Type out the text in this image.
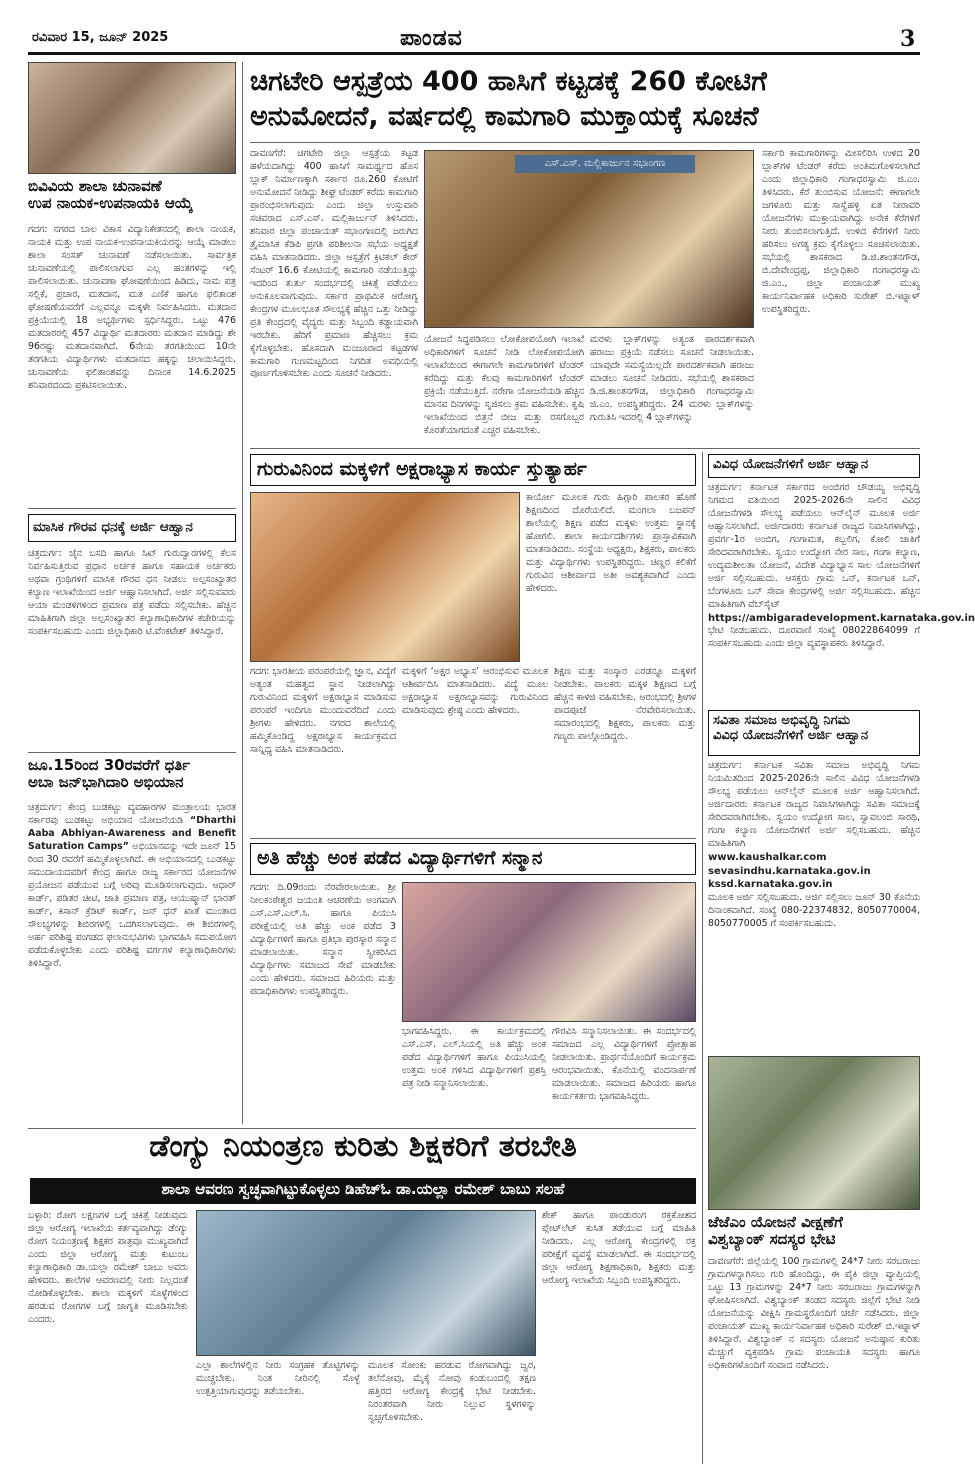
ರವಿವಾರ 15, ಜೂನ್ 2025	ಪಾಂಡವ	3
ಬಿವಿವಿಯ ಶಾಲಾ ಚುನಾವಣೆ
ಉಪ ನಾಯಕ-ಉಪನಾಯಕಿ ಆಯ್ಕೆ
ಗದಗ: ನಗರದ ಬಾಲ ವಿಕಾಸ ವಿದ್ಯಾನಿಕೇತನದಲ್ಲಿ ಶಾಲಾ ನಾಯಕ, ನಾಯಕಿ ಮತ್ತು ಉಪ ನಾಯಕ-ಉಪನಾಯಕಿಯರನ್ನು ಆಯ್ಕೆ ಮಾಡಲು ಶಾಲಾ ಸಂಸತ್ ಚುನಾವಣೆ ನಡೆಸಲಾಯಿತು. ಸಾರ್ವತ್ರಿಕ ಚುನಾವಣೆಯಲ್ಲಿ ಪಾಲಿಸಲಾಗುವ ಎಲ್ಲ ಹಂತಗಳನ್ನು ಇಲ್ಲಿ ಪಾಲಿಸಲಾಯಿತು. ಚುನಾವಣಾ ಘೋಷಣೆಯಿಂದ ಹಿಡಿದು, ನಾಮ ಪತ್ರ ಸಲ್ಲಿಕೆ, ಪ್ರಚಾರ, ಮತದಾನ, ಮತ ಎಣಿಕೆ ಹಾಗೂ ಫಲಿತಾಂಶ ಘೋಷಣೆಯವರೆಗೆ ಎಲ್ಲವನ್ನೂ ಮಕ್ಕಳೇ ನಿರ್ವಹಿಸಿದರು. ಮತದಾನ ಪ್ರಕ್ರಿಯೆಯಲ್ಲಿ 18 ಅಭ್ಯರ್ಥಿಗಳು ಸ್ಪರ್ಧಿಸಿದ್ದರು. ಒಟ್ಟು 476 ಮತದಾರರಲ್ಲಿ 457 ವಿದ್ಯಾರ್ಥಿ ಮತದಾರರು ಮತದಾನ ಮಾಡಿದ್ದು ಶೇ 96ರಷ್ಟು ಮತದಾನವಾಗಿದೆ. 6ನೇಯ ತರಗತಿಯಿಂದ 10ನೇ ತರಗತಿಯ ವಿದ್ಯಾರ್ಥಿಗಳು ಮತದಾನದ ಹಕ್ಕನ್ನು ಚಲಾಯಿಸಿದ್ದರು. ಚುನಾವಣೆಯ ಫಲಿತಾಂಶವನ್ನು ದಿನಾಂಕ 14.6.2025 ಶನಿವಾರದಂದು ಪ್ರಕಟಿಸಲಾಯಿತು.
ಮಾಸಿಕ ಗೌರವ ಧನಕ್ಕೆ ಅರ್ಜಿ ಆಹ್ವಾನ
ಚಿತ್ರದುರ್ಗ: ಜೈನ ಬಸದಿ ಹಾಗೂ ಸಿಖ್ ಗುರುದ್ವಾರಗಳಲ್ಲಿ ಕೆಲಸ ನಿರ್ವಹಿಸುತ್ತಿರುವ ಪ್ರಧಾನ ಅರ್ಚಕ ಹಾಗೂ ಸಹಾಯಕ ಅರ್ಚಕರು ಅಥವಾ ಗ್ರಂಥಿಗಳಿಗೆ ಮಾಸಿಕ ಗೌರವ ಧನ ನೀಡಲು ಅಲ್ಪಸಂಖ್ಯಾತರ ಕಲ್ಯಾಣ ಇಲಾಖೆಯಿಂದ ಅರ್ಜಿ ಆಹ್ವಾನಿಸಲಾಗಿದೆ. ಅರ್ಜಿ ಸಲ್ಲಿಸುವವರು ಆಯಾ ಮಂಡಳಿಗಳಿಂದ ಪ್ರಮಾಣ ಪತ್ರ ಪಡೆದು ಸಲ್ಲಿಸಬೇಕು. ಹೆಚ್ಚಿನ ಮಾಹಿತಿಗಾಗಿ ಜಿಲ್ಲಾ ಅಲ್ಪಸಂಖ್ಯಾತರ ಕಲ್ಯಾಣಾಧಿಕಾರಿಗಳ ಕಚೇರಿಯನ್ನು ಸಂಪರ್ಕಿಸಬಹುದು ಎಂದು ಜಿಲ್ಲಾಧಿಕಾರಿ ಟಿ.ವೆಂಕಟೇಶ್ ತಿಳಿಸಿದ್ದಾರೆ.
ಜೂ.15ರಿಂದ 30ರವರೆಗೆ ಧರ್ತಿ
ಅಬಾ ಜನ್‌ಭಾಗಿದಾರಿ ಅಭಿಯಾನ
ಚಿತ್ರದುರ್ಗ: ಕೇಂದ್ರ ಬುಡಕಟ್ಟು ವ್ಯವಹಾರಗಳ ಮಂತ್ರಾಲಯ ಭಾರತ ಸರ್ಕಾರವು ಬುಡಕಟ್ಟು ಅಭಿಯಾನ ಯೋಜನೆಯಡಿ “Dharthi Aaba Abhiyan-Awareness and Benefit Saturation Camps” ಅಭಿಯಾನವನ್ನು ಇದೇ ಜೂನ್ 15 ರಿಂದ 30 ರವರೆಗೆ ಹಮ್ಮಿಕೊಳ್ಳಲಾಗಿದೆ. ಈ ಅಭಿಯಾನದಲ್ಲಿ ಬುಡಕಟ್ಟು ಸಮುದಾಯದವರಿಗೆ ಕೇಂದ್ರ ಹಾಗೂ ರಾಜ್ಯ ಸರ್ಕಾರದ ಯೋಜನೆಗಳ ಪ್ರಯೋಜನ ಪಡೆಯುವ ಬಗ್ಗೆ ಅರಿವು ಮೂಡಿಸಲಾಗುವುದು. ಆಧಾರ್ ಕಾರ್ಡ್, ಪಡಿತರ ಚೀಟಿ, ಜಾತಿ ಪ್ರಮಾಣ ಪತ್ರ, ಆಯುಷ್ಮಾನ್ ಭಾರತ್ ಕಾರ್ಡ್, ಕಿಸಾನ್ ಕ್ರೆಡಿಟ್ ಕಾರ್ಡ್, ಜನ್ ಧನ್ ಖಾತೆ ಮುಂತಾದ ಸೌಲಭ್ಯಗಳನ್ನು ಶಿಬಿರಗಳಲ್ಲಿ ಒದಗಿಸಲಾಗುವುದು. ಈ ಶಿಬಿರಗಳಲ್ಲಿ ಅರ್ಹ ಪರಿಶಿಷ್ಟ ಪಂಗಡದ ಫಲಾನುಭವಿಗಳು ಭಾಗವಹಿಸಿ ಸದುಪಯೋಗ ಪಡೆದುಕೊಳ್ಳಬೇಕು ಎಂದು ಪರಿಶಿಷ್ಟ ವರ್ಗಗಳ ಕಲ್ಯಾಣಾಧಿಕಾರಿಗಳು ತಿಳಿಸಿದ್ದಾರೆ.
ಚಿಗಟೇರಿ ಆಸ್ಪತ್ರೆಯ 400 ಹಾಸಿಗೆ ಕಟ್ಟಡಕ್ಕೆ 260 ಕೋಟಿಗೆ
ಅನುಮೋದನೆ, ವರ್ಷದಲ್ಲಿ ಕಾಮಗಾರಿ ಮುಕ್ತಾಯಕ್ಕೆ ಸೂಚನೆ
ದಾವಣಗೆರೆ: ಚಿಗಟೇರಿ ಜಿಲ್ಲಾ ಆಸ್ಪತ್ರೆಯ ಕಟ್ಟಡ ಹಳೆಯದಾಗಿದ್ದು 400 ಹಾಸಿಗೆ ಸಾಮರ್ಥ್ಯದ ಹೊಸ ಬ್ಲಾಕ್ ನಿರ್ಮಾಣಕ್ಕಾಗಿ ಸರ್ಕಾರ ರೂ.260 ಕೋಟಿಗೆ ಅನುಮೋದನೆ ನೀಡಿದ್ದು ಶೀಘ್ರ ಟೆಂಡರ್ ಕರೆದು ಕಾಮಗಾರಿ ಪ್ರಾರಂಭಿಸಲಾಗುವುದು ಎಂದು ಜಿಲ್ಲಾ ಉಸ್ತುವಾರಿ ಸಚಿವರಾದ ಎಸ್.ಎಸ್. ಮಲ್ಲಿಕಾರ್ಜುನ್ ತಿಳಿಸಿದರು. ಶನಿವಾರ ಜಿಲ್ಲಾ ಪಂಚಾಯತ್ ಸಭಾಂಗಣದಲ್ಲಿ ಜರುಗಿದ ತ್ರೈಮಾಸಿಕ ಕೆಡಿಪಿ ಪ್ರಗತಿ ಪರಿಶೀಲನಾ ಸಭೆಯ ಅಧ್ಯಕ್ಷತೆ ವಹಿಸಿ ಮಾತನಾಡಿದರು. ಜಿಲ್ಲಾ ಆಸ್ಪತ್ರೆಗೆ ಕ್ರಿಟಿಕಲ್ ಕೇರ್ ಸೆಂಟರ್ 16.6 ಕೋಟಿಯಲ್ಲಿ ಕಾಮಗಾರಿ ನಡೆಯುತ್ತಿದ್ದು ಇದರಿಂದ ತುರ್ತು ಸಂದರ್ಭದಲ್ಲಿ ಚಿಕಿತ್ಸೆ ಪಡೆಯಲು ಅನುಕೂಲವಾಗುವುದು. ಸರ್ಕಾರ ಪ್ರಾಥಮಿಕ ಆರೋಗ್ಯ ಕೇಂದ್ರಗಳ ಮೂಲಭೂತ ಸೌಲಭ್ಯಕ್ಕೆ ಹೆಚ್ಚಿನ ಒತ್ತು ನೀಡಿದ್ದು ಪ್ರತಿ ಕೇಂದ್ರದಲ್ಲಿ ವೈದ್ಯರು ಮತ್ತು ಸಿಬ್ಬಂದಿ ಕಡ್ಡಾಯವಾಗಿ ಇರಬೇಕು. ಹೆರಿಗೆ ಪ್ರಮಾಣ ಹೆಚ್ಚಿಸಲು ಕ್ರಮ ಕೈಗೊಳ್ಳಬೇಕು. ಹೊಸದಾಗಿ ಮಂಜೂರಾದ ಕಟ್ಟಡಗಳ ಕಾಮಗಾರಿ ಗುಣಮಟ್ಟದಿಂದ ನಿಗದಿತ ಅವಧಿಯಲ್ಲಿ ಪೂರ್ಣಗೊಳಿಸಬೇಕು ಎಂದು ಸೂಚನೆ ನೀಡಿದರು.
ಎಸ್.ಎಸ್. ಮಲ್ಲಿಕಾರ್ಜುನ ಸಭಾಂಗಣ
ಯೋಜನೆ ಸಿದ್ಧಪಡಿಸಲು ಲೋಕೋಪಯೋಗಿ ಇಲಾಖೆ ಅಧಿಕಾರಿಗಳಿಗೆ ಸೂಚನೆ ನೀಡಿ ಲೋಕೋಪಯೋಗಿ ಇಲಾಖೆಯಿಂದ ಈಗಾಗಲೇ ಕಾಮಗಾರಿಗಳಿಗೆ ಟೆಂಡರ್ ಕರೆದಿದ್ದು ಮತ್ತು ಕೆಲವು ಕಾಮಗಾರಿಗಳಿಗೆ ಟೆಂಡರ್ ಪ್ರಕ್ರಿಯೆ ನಡೆಯುತ್ತಿದೆ. ನರೇಗಾ ಯೋಜನೆಯಡಿ ಹೆಚ್ಚಿನ ಮಾನವ ದಿನಗಳನ್ನು ಸೃಜಿಸಲು ಕ್ರಮ ವಹಿಸಬೇಕು. ಕೃಷಿ ಇಲಾಖೆಯಿಂದ ಬಿತ್ತನೆ ಬೀಜ ಮತ್ತು ರಸಗೊಬ್ಬರ ಕೊರತೆಯಾಗದಂತೆ ಎಚ್ಚರ ವಹಿಸಬೇಕು.
ಮರಳು ಬ್ಲಾಕ್‌ಗಳನ್ನು ಅತ್ಯಂತ ಪಾರದರ್ಶಕವಾಗಿ ಹರಾಜು ಪ್ರಕ್ರಿಯೆ ನಡೆಸಲು ಸೂಚನೆ ನೀಡಲಾಯಿತು. ಯಾವುದೇ ಸಮಸ್ಯೆಯಿಲ್ಲದೇ ಪಾರದರ್ಶಕವಾಗಿ ಹರಾಜು ಮಾಡಲು ಸೂಚನೆ ನೀಡಿದರು. ಸಭೆಯಲ್ಲಿ ಶಾಸಕರಾದ ಡಿ.ಜಿ.ಶಾಂತನಗೌಡ, ಜಿಲ್ಲಾಧಿಕಾರಿ ಗಂಗಾಧರಸ್ವಾಮಿ ಜಿ.ಎಂ. ಉಪಸ್ಥಿತರಿದ್ದರು. 24 ಮರಳು ಬ್ಲಾಕ್‌ಗಳನ್ನು ಗುರುತಿಸಿ ಇದರಲ್ಲಿ 4 ಬ್ಲಾಕ್‌ಗಳನ್ನು
ಸರ್ಕಾರಿ ಕಾಮಗಾರಿಗಳನ್ನು ಮೀಸಲಿರಿಸಿ ಉಳಿದ 20 ಬ್ಲಾಕ್‌ಗಳ ಟೆಂಡರ್ ಕರೆದು ಅಂತಿಮಗೊಳಿಸಲಾಗಿದೆ ಎಂದು ಜಿಲ್ಲಾಧಿಕಾರಿ ಗಂಗಾಧರಸ್ವಾಮಿ ಜಿ.ಎಂ. ತಿಳಿಸಿದರು. ಕೆರೆ ತುಂಬಿಸುವ ಯೋಜನೆ: ಈಗಾಗಲೇ ಜಗಳೂರು ಮತ್ತು ಸಾಸ್ವೆಹಳ್ಳಿ ಏತ ನೀರಾವರಿ ಯೋಜನೆಗಳು ಮುಕ್ತಾಯವಾಗಿದ್ದು ಅನೇಕ ಕೆರೆಗಳಿಗೆ ನೀರು ತುಂಬಿಸಲಾಗುತ್ತಿದೆ. ಉಳಿದ ಕೆರೆಗಳಿಗೆ ನೀರು ಹರಿಸಲು ಅಗತ್ಯ ಕ್ರಮ ಕೈಗೊಳ್ಳಲು ಸೂಚಿಸಲಾಯಿತು. ಸಭೆಯಲ್ಲಿ ಶಾಸಕರಾದ ಡಿ.ಜಿ.ಶಾಂತನಗೌಡ, ಬಿ.ದೇವೇಂದ್ರಪ್ಪ, ಜಿಲ್ಲಾಧಿಕಾರಿ ಗಂಗಾಧರಸ್ವಾಮಿ ಜಿ.ಎಂ., ಜಿಲ್ಲಾ ಪಂಚಾಯತ್ ಮುಖ್ಯ ಕಾರ್ಯನಿರ್ವಾಹಕ ಅಧಿಕಾರಿ ಸುರೇಶ್ ಬಿ.ಇಟ್ನಾಳ್ ಉಪಸ್ಥಿತರಿದ್ದರು.
ಗುರುವಿನಿಂದ ಮಕ್ಕಳಿಗೆ ಅಕ್ಷರಾಭ್ಯಾಸ ಕಾರ್ಯ ಸ್ತುತ್ಯಾರ್ಹ
ಕಾರ್ಯೋ ಮೂಲಕ ಗುರು ಹಿಗ್ಗಾರಿ ಪಾಲಕರ ಹೊಣೆ ಶಿಕ್ಷಣದಿಂದ ದೊರೆಯಲಿದೆ. ಮಂಗಲಾ ಬಜಪನ್ ಶಾಲೆಯಲ್ಲಿ ಶಿಕ್ಷಣ ಪಡೆದ ಮಕ್ಕಳು ಉತ್ತಮ ಸ್ಥಾನಕ್ಕೆ ಹೋಗಲಿ. ಶಾಲಾ ಕಾರ್ಯದರ್ಶಿಗಳು ಪ್ರಾಸ್ತಾವಿಕವಾಗಿ ಮಾತನಾಡಿದರು. ಸಂಸ್ಥೆಯ ಅಧ್ಯಕ್ಷರು, ಶಿಕ್ಷಕರು, ಪಾಲಕರು ಮತ್ತು ವಿದ್ಯಾರ್ಥಿಗಳು ಉಪಸ್ಥಿತರಿದ್ದರು. ಚಿಣ್ಣರ ಕಲಿಕೆಗೆ ಗುರುವಿನ ಆಶೀರ್ವಾದ ಅತೀ ಅವಶ್ಯಕವಾಗಿದೆ ಎಂದು ಹೇಳಿದರು.
ಗದಗ: ಭಾರತೀಯ ಪರಂಪರೆಯಲ್ಲಿ ಜ್ಞಾನ, ವಿದ್ಯೆಗೆ ಅತ್ಯಂತ ಮಹತ್ವದ ಸ್ಥಾನ ನೀಡಲಾಗಿದ್ದು ಗುರುವಿನಿಂದ ಮಕ್ಕಳಿಗೆ ಅಕ್ಷರಾಭ್ಯಾಸ ಮಾಡಿಸುವ ಪರಂಪರೆ ಇಂದಿಗೂ ಮುಂದುವರೆದಿದೆ ಎಂದು ಶ್ರೀಗಳು ಹೇಳಿದರು. ನಗರದ ಶಾಲೆಯಲ್ಲಿ ಹಮ್ಮಿಕೊಂಡಿದ್ದ ಅಕ್ಷರಾಭ್ಯಾಸ ಕಾರ್ಯಕ್ರಮದ ಸಾನ್ನಿಧ್ಯ ವಹಿಸಿ ಮಾತನಾಡಿದರು.
ಮಕ್ಕಳಿಗೆ ‘ಅಕ್ಷರ ಅಭ್ಯಾಸ’ ಆರಂಭಿಸುವ ಮೂಲಕ ಆಶೀರ್ವದಿಸಿ ಮಾತನಾಡಿದರು. ವಿದ್ಯೆ ಮೂಲ ಅಕ್ಷರಾಭ್ಯಾಸ ಅಕ್ಷರಾಭ್ಯಾಸವನ್ನು ಗುರುವಿನಿಂದ ಮಾಡಿಸುವುದು ಶ್ರೇಷ್ಠ ಎಂದು ಹೇಳಿದರು.
ಶಿಕ್ಷಣ ಮತ್ತು ಸಂಸ್ಕಾರ ಎರಡನ್ನೂ ಮಕ್ಕಳಿಗೆ ನೀಡಬೇಕು. ಪಾಲಕರು ಮಕ್ಕಳ ಶಿಕ್ಷಣದ ಬಗ್ಗೆ ಹೆಚ್ಚಿನ ಕಾಳಜಿ ವಹಿಸಬೇಕು. ಆರಂಭದಲ್ಲಿ ಶ್ರೀಗಳ ಪಾದಪೂಜೆ ನೆರವೇರಿಸಲಾಯಿತು. ಸಮಾರಂಭದಲ್ಲಿ ಶಿಕ್ಷಕರು, ಪಾಲಕರು ಮತ್ತು ಗಣ್ಯರು ಪಾಲ್ಗೊಂಡಿದ್ದರು.
ಅತಿ ಹೆಚ್ಚು ಅಂಕ ಪಡೆದ ವಿದ್ಯಾರ್ಥಿಗಳಿಗೆ ಸನ್ಮಾನ
ಗದಗ: ದಿ.09ರಂದು ನೆರವೇರಲಾಯಿತು. ಶ್ರೀ ನೀಲಕಂಠೇಶ್ವರ ಜಯಂತಿ ಆಚರಣೆಯ ಅಂಗವಾಗಿ ಎಸ್.ಎಸ್.ಎಲ್.ಸಿ. ಹಾಗೂ ಪಿಯುಸಿ ಪರೀಕ್ಷೆಯಲ್ಲಿ ಅತಿ ಹೆಚ್ಚು ಅಂಕ ಪಡೆದ 3 ವಿದ್ಯಾರ್ಥಿಗಳಿಗೆ ಹಾಗೂ ಪ್ರತಿಭಾ ಪುರಸ್ಕಾರ ಸನ್ಮಾನ ಮಾಡಲಾಯಿತು. ಸನ್ಮಾನ ಸ್ವೀಕರಿಸಿದ ವಿದ್ಯಾರ್ಥಿಗಳು ಸಮಾಜದ ಸೇವೆ ಮಾಡಬೇಕು ಎಂದು ಹೇಳಿದರು. ಸಮಾಜದ ಹಿರಿಯರು ಮತ್ತು ಪದಾಧಿಕಾರಿಗಳು ಉಪಸ್ಥಿತರಿದ್ದರು.
ಭಾಗವಹಿಸಿದ್ದರು. ಈ ಕಾರ್ಯಕ್ರಮದಲ್ಲಿ ಎಸ್.ಎಸ್. ಎಲ್.ಸಿಯಲ್ಲಿ ಅತಿ ಹೆಚ್ಚು ಅಂಕ ಪಡೆದ ವಿದ್ಯಾರ್ಥಿಗಳಿಗೆ ಹಾಗೂ ಪಿಯುಸಿಯಲ್ಲಿ ಉತ್ತಮ ಅಂಕ ಗಳಿಸಿದ ವಿದ್ಯಾರ್ಥಿಗಳಿಗೆ ಪ್ರಶಸ್ತಿ ಪತ್ರ ನೀಡಿ ಸನ್ಮಾನಿಸಲಾಯಿತು.
ಗೌರವಿಸಿ ಸನ್ಮಾನಿಸಲಾಯಿತು. ಈ ಸಂದರ್ಭದಲ್ಲಿ ಸಮಾಜದ ಎಲ್ಲ ವಿದ್ಯಾರ್ಥಿಗಳಿಗೆ ಪ್ರೋತ್ಸಾಹ ನೀಡಲಾಯಿತು. ಪ್ರಾರ್ಥನೆಯೊಂದಿಗೆ ಕಾರ್ಯಕ್ರಮ ಆರಂಭವಾಯಿತು. ಕೊನೆಯಲ್ಲಿ ವಂದನಾರ್ಪಣೆ ಮಾಡಲಾಯಿತು. ಸಮಾಜದ ಹಿರಿಯರು ಹಾಗೂ ಕಾರ್ಯಕರ್ತರು ಭಾಗವಹಿಸಿದ್ದರು.
ವಿವಿಧ ಯೋಜನೆಗಳಿಗೆ ಅರ್ಜಿ ಆಹ್ವಾನ
ಚಿತ್ರದುರ್ಗ: ಕರ್ನಾಟಕ ಸರ್ಕಾರದ ಅಂಬಿಗರ ಚೌಡಯ್ಯ ಅಭಿವೃದ್ಧಿ ನಿಗಮದ ವತಿಯಿಂದ 2025-2026ನೇ ಸಾಲಿನ ವಿವಿಧ ಯೋಜನೆಗಳಡಿ ಸೌಲಭ್ಯ ಪಡೆಯಲು ಆನ್‌ಲೈನ್ ಮೂಲಕ ಅರ್ಜಿ ಆಹ್ವಾನಿಸಲಾಗಿದೆ. ಅರ್ಜಿದಾರರು ಕರ್ನಾಟಕ ರಾಜ್ಯದ ನಿವಾಸಿಗಳಾಗಿದ್ದು, ಪ್ರವರ್ಗ-1ರ ಅಂಬಿಗ, ಗಂಗಾಮತ, ಕಬ್ಬಲಿಗ, ಕೋಲಿ ಜಾತಿಗೆ ಸೇರಿದವರಾಗಿರಬೇಕು. ಸ್ವಯಂ ಉದ್ಯೋಗ ನೇರ ಸಾಲ, ಗಂಗಾ ಕಲ್ಯಾಣ, ಉದ್ಯಮಶೀಲತಾ ಯೋಜನೆ, ವಿದೇಶ ವಿದ್ಯಾಭ್ಯಾಸ ಸಾಲ ಯೋಜನೆಗಳಿಗೆ ಅರ್ಜಿ ಸಲ್ಲಿಸಬಹುದು. ಆಸಕ್ತರು ಗ್ರಾಮ ಒನ್, ಕರ್ನಾಟಕ ಒನ್, ಬೆಂಗಳೂರು ಒನ್ ಸೇವಾ ಕೇಂದ್ರಗಳಲ್ಲಿ ಅರ್ಜಿ ಸಲ್ಲಿಸಬಹುದು. ಹೆಚ್ಚಿನ ಮಾಹಿತಿಗಾಗಿ ವೆಬ್‌ಸೈಟ್
https://ambigaradevelopment.karnataka.gov.in
ಭೇಟಿ ನೀಡಬಹುದು. ದೂರವಾಣಿ ಸಂಖ್ಯೆ 08022864099 ಗೆ ಸಂಪರ್ಕಿಸಬಹುದು ಎಂದು ಜಿಲ್ಲಾ ವ್ಯವಸ್ಥಾಪಕರು ತಿಳಿಸಿದ್ದಾರೆ.
ಸವಿತಾ ಸಮಾಜ ಅಭಿವೃದ್ಧಿ ನಿಗಮ
ವಿವಿಧ ಯೋಜನೆಗಳಿಗೆ ಅರ್ಜಿ ಆಹ್ವಾನ
ಚಿತ್ರದುರ್ಗ: ಕರ್ನಾಟಕ ಸವಿತಾ ಸಮಾಜ ಅಭಿವೃದ್ಧಿ ನಿಗಮ ನಿಯಮಿತದಿಂದ 2025-2026ನೇ ಸಾಲಿನ ವಿವಿಧ ಯೋಜನೆಗಳಡಿ ಸೌಲಭ್ಯ ಪಡೆಯಲು ಆನ್‌ಲೈನ್ ಮೂಲಕ ಅರ್ಜಿ ಆಹ್ವಾನಿಸಲಾಗಿದೆ. ಅರ್ಜಿದಾರರು ಕರ್ನಾಟಕ ರಾಜ್ಯದ ನಿವಾಸಿಗಳಾಗಿದ್ದು ಸವಿತಾ ಸಮಾಜಕ್ಕೆ ಸೇರಿದವರಾಗಿರಬೇಕು. ಸ್ವಯಂ ಉದ್ಯೋಗ ಸಾಲ, ಸ್ವಾವಲಂಬಿ ಸಾರಥಿ, ಗಂಗಾ ಕಲ್ಯಾಣ ಯೋಜನೆಗಳಿಗೆ ಅರ್ಜಿ ಸಲ್ಲಿಸಬಹುದು. ಹೆಚ್ಚಿನ ಮಾಹಿತಿಗಾಗಿ
www.kaushalkar.com
sevasindhu.karnataka.gov.in
kssd.karnataka.gov.in
ಮೂಲಕ ಅರ್ಜಿ ಸಲ್ಲಿಸಬಹುದು. ಅರ್ಜಿ ಸಲ್ಲಿಸಲು ಜೂನ್ 30 ಕೊನೆಯ ದಿನಾಂಕವಾಗಿದೆ. ಸಂಖ್ಯೆ 080-22374832, 8050770004, 8050770005 ಗೆ ಸಂಪರ್ಕಿಸಬಹುದು.
ಜೆಜೆಎಂ ಯೋಜನೆ ವೀಕ್ಷಣೆಗೆ
ವಿಶ್ವಬ್ಯಾಂಕ್ ಸದಸ್ಯರ ಭೇಟಿ
ದಾವಣಗೆರೆ: ಜಿಲ್ಲೆಯಲ್ಲಿ 100 ಗ್ರಾಮಗಳಲ್ಲಿ 24*7 ನೀರು ಸರಬರಾಜು ಗ್ರಾಮಗಳನ್ನಾಗಿಸಲು ಗುರಿ ಹೊಂದಿದ್ದು, ಈ ಪೈಕಿ ಜಿಲ್ಲಾ ವ್ಯಾಪ್ತಿಯಲ್ಲಿ ಒಟ್ಟು 13 ಗ್ರಾಮಗಳನ್ನು 24*7 ನೀರು ಸರಬರಾಜು ಗ್ರಾಮಗಳನ್ನಾಗಿ ಘೋಷಿಸಲಾಗಿದೆ. ವಿಶ್ವಬ್ಯಾಂಕ್ ತಂಡದ ಸದಸ್ಯರು ಜಿಲ್ಲೆಗೆ ಭೇಟಿ ನೀಡಿ ಯೋಜನೆಯನ್ನು ವೀಕ್ಷಿಸಿ ಗ್ರಾಮಸ್ಥರೊಂದಿಗೆ ಚರ್ಚೆ ನಡೆಸಿದರು. ಜಿಲ್ಲಾ ಪಂಚಾಯತ್ ಮುಖ್ಯ ಕಾರ್ಯನಿರ್ವಾಹಕ ಅಧಿಕಾರಿ ಸುರೇಶ್ ಬಿ.ಇಟ್ನಾಳ್ ತಿಳಿಸಿದ್ದಾರೆ. ವಿಶ್ವಬ್ಯಾಂಕ್ ನ ಸದಸ್ಯರು ಯೋಜನೆ ಅನುಷ್ಠಾನ ಕುರಿತು ಮೆಚ್ಚುಗೆ ವ್ಯಕ್ತಪಡಿಸಿ ಗ್ರಾಮ ಪಂಚಾಯತಿ ಸದಸ್ಯರು ಹಾಗೂ ಅಧಿಕಾರಿಗಳೊಂದಿಗೆ ಸಂವಾದ ನಡೆಸಿದರು.
ಡೆಂಗ್ಯು ನಿಯಂತ್ರಣ ಕುರಿತು ಶಿಕ್ಷಕರಿಗೆ ತರಬೇತಿ
ಶಾಲಾ ಆವರಣ ಸ್ವಚ್ಛವಾಗಿಟ್ಟುಕೊಳ್ಳಲು ಡಿಹೆಚ್‌ಓ ಡಾ.ಯಲ್ಲಾ ರಮೇಶ್ ಬಾಬು ಸಲಹೆ
ಬಳ್ಳಾರಿ: ರೋಗ ಲಕ್ಷಣಗಳ ಬಗ್ಗೆ ಚಿಕಿತ್ಸೆ ನೀಡುವುದು ಜಿಲ್ಲಾ ಆರೋಗ್ಯ ಇಲಾಖೆಯ ಕರ್ತವ್ಯವಾಗಿದ್ದು ಡೆಂಗ್ಯು ರೋಗ ನಿಯಂತ್ರಣಕ್ಕೆ ಶಿಕ್ಷಕರ ಪಾತ್ರವೂ ಮುಖ್ಯವಾಗಿದೆ ಎಂದು ಜಿಲ್ಲಾ ಆರೋಗ್ಯ ಮತ್ತು ಕುಟುಂಬ ಕಲ್ಯಾಣಾಧಿಕಾರಿ ಡಾ.ಯಲ್ಲಾ ರಮೇಶ್ ಬಾಬು ಅವರು ಹೇಳಿದರು. ಶಾಲೆಗಳ ಆವರಣದಲ್ಲಿ ನೀರು ನಿಲ್ಲದಂತೆ ನೋಡಿಕೊಳ್ಳಬೇಕು. ಶಾಲಾ ಮಕ್ಕಳಿಗೆ ಸೊಳ್ಳೆಗಳಿಂದ ಹರಡುವ ರೋಗಗಳ ಬಗ್ಗೆ ಜಾಗೃತಿ ಮೂಡಿಸಬೇಕು ಎಂದರು.
ಎಲ್ಲಾ ಶಾಲೆಗಳಲ್ಲಿನ ನೀರು ಸಂಗ್ರಹಕ ತೊಟ್ಟಿಗಳನ್ನು ಮುಚ್ಚಬೇಕು. ನಿಂತ ನೀರಿನಲ್ಲಿ ಸೊಳ್ಳೆ ಉತ್ಪತ್ತಿಯಾಗುವುದನ್ನು ತಡೆಯಬೇಕು.
ಮೂಲಕ ಸೋಂಕು ಹರಡುವ ರೋಗವಾಗಿದ್ದು ಜ್ವರ, ತಲೆನೋವು, ಮೈಕೈ ನೋವು ಕಂಡುಬಂದಲ್ಲಿ ತಕ್ಷಣ ಹತ್ತಿರದ ಆರೋಗ್ಯ ಕೇಂದ್ರಕ್ಕೆ ಭೇಟಿ ನೀಡಬೇಕು. ನಿರಂತರವಾಗಿ ನೀರು ನಿಲ್ಲುವ ಸ್ಥಳಗಳನ್ನು ಸ್ವಚ್ಛಗೊಳಿಸಬೇಕು.
ಶೇಕ್ ಹಾಗೂ ಪಾಂಡುರಂಗ ರಕ್ತಕೋಶದ ಪ್ಲೇಟ್‌ಲೆಟ್ ಕುಸಿತ ತಡೆಯುವ ಬಗ್ಗೆ ಮಾಹಿತಿ ನೀಡಿದರು. ಎಲ್ಲ ಆರೋಗ್ಯ ಕೇಂದ್ರಗಳಲ್ಲಿ ರಕ್ತ ಪರೀಕ್ಷೆಗೆ ವ್ಯವಸ್ಥೆ ಮಾಡಲಾಗಿದೆ. ಈ ಸಂದರ್ಭದಲ್ಲಿ ಜಿಲ್ಲಾ ಆರೋಗ್ಯ ಶಿಕ್ಷಣಾಧಿಕಾರಿ, ಶಿಕ್ಷಕರು ಮತ್ತು ಆರೋಗ್ಯ ಇಲಾಖೆಯ ಸಿಬ್ಬಂದಿ ಉಪಸ್ಥಿತರಿದ್ದರು.
